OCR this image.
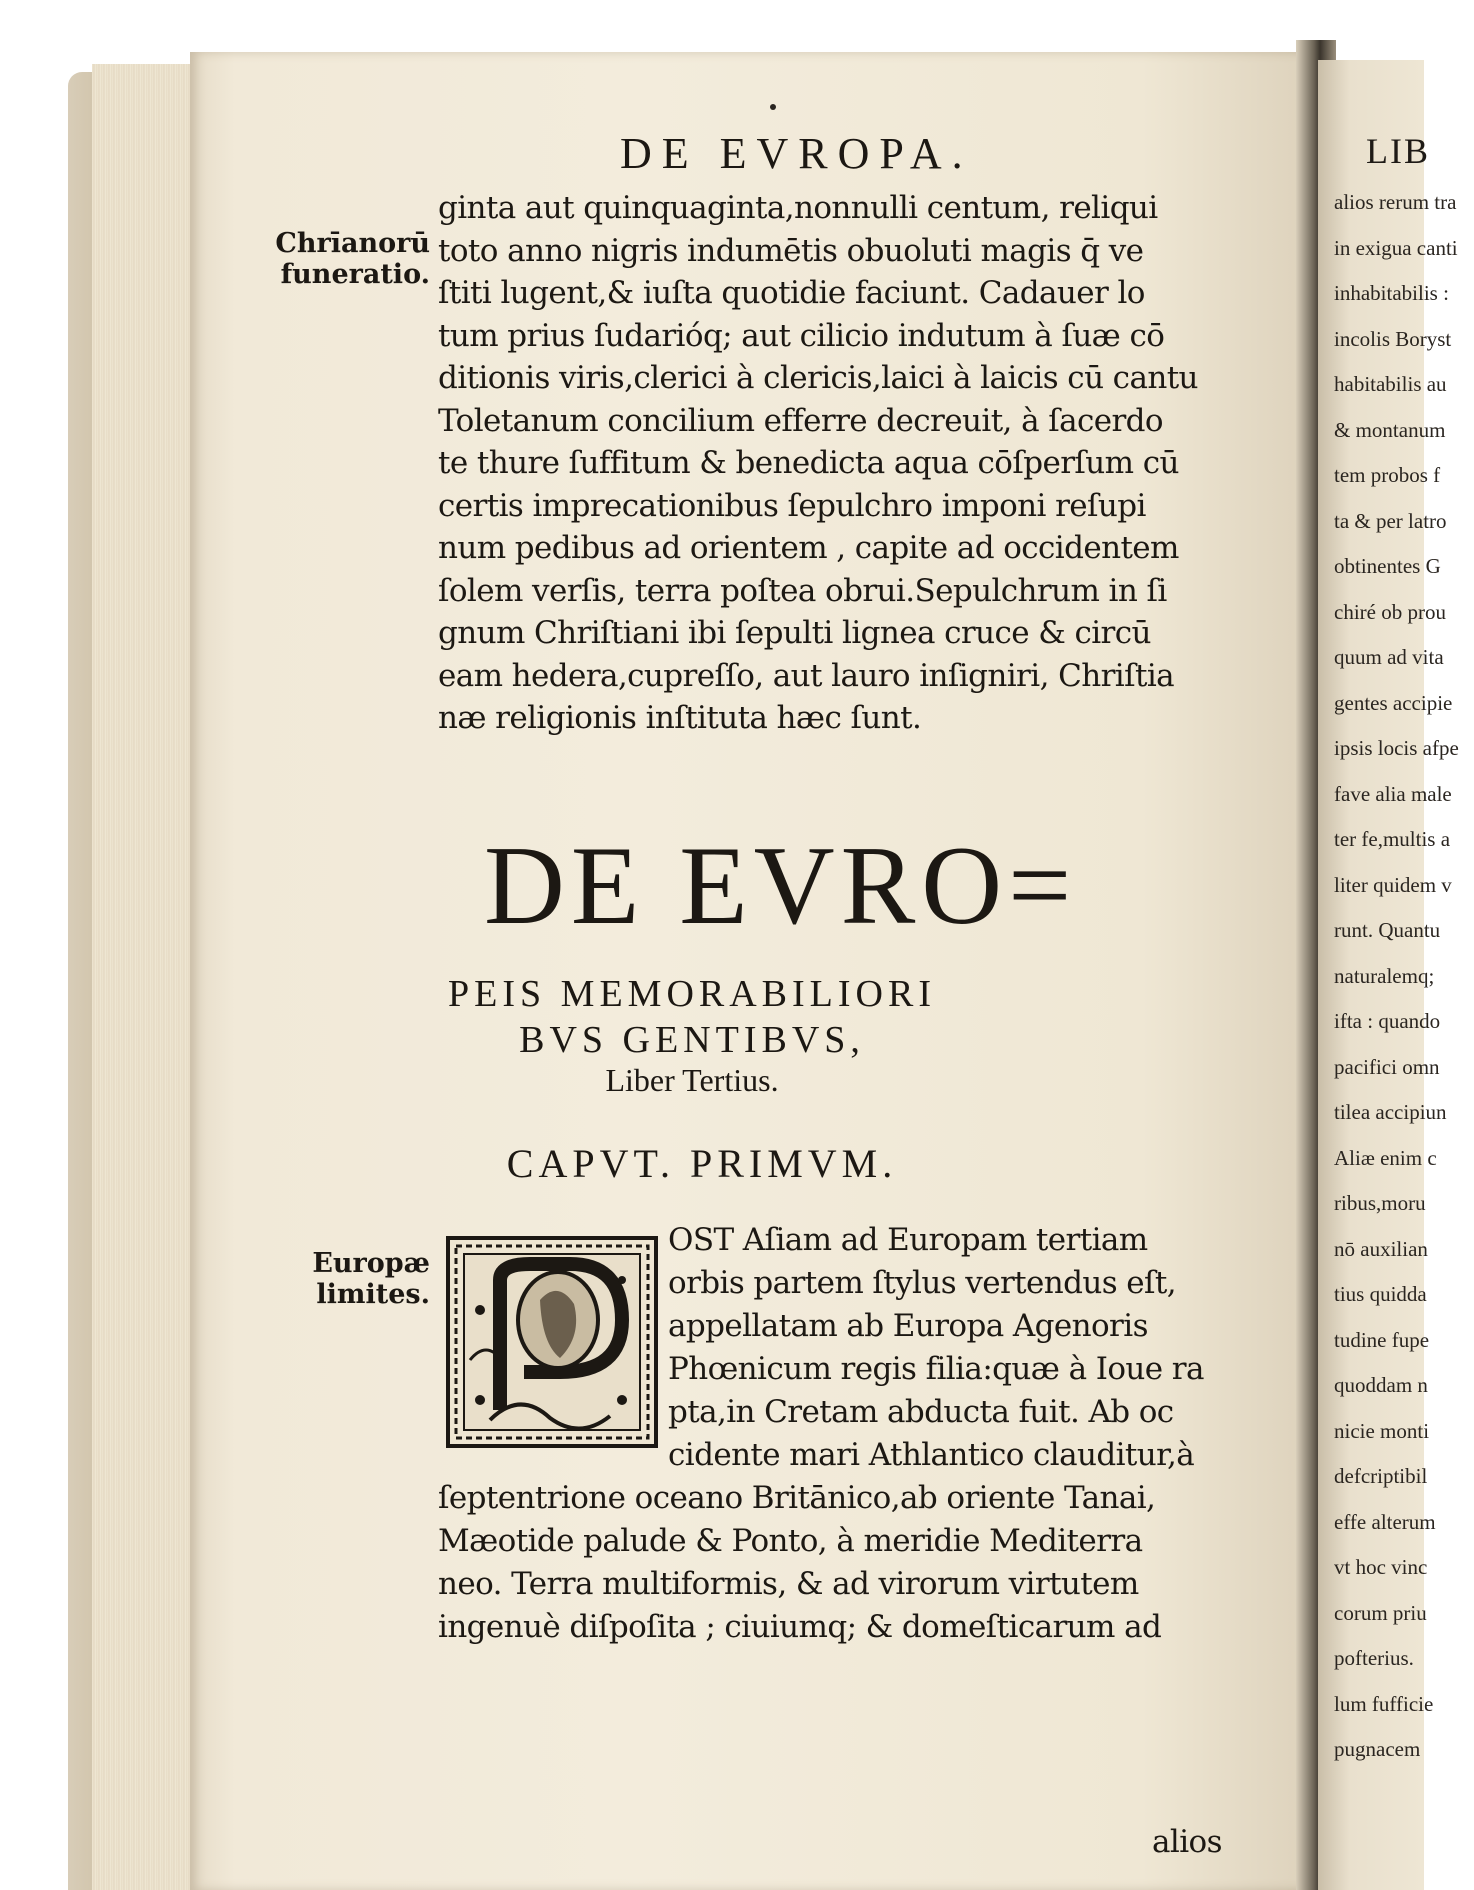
LIB
alios rerum tra
in exigua canti
inhabitabilis :
incolis Boryst
habitabilis au
& montanum
tem probos f
ta & per latro
obtinentes G
chiré ob prou
quum ad vita
gentes accipie
ipsis locis afpe
fave alia male
ter fe,multis a
liter quidem v
runt. Quantu
naturalemq;
ifta : quando
pacifici omn
tilea accipiun
Aliæ enim c
ribus,moru
nō auxilian
tius quidda
tudine fupe
quoddam n
nicie monti
defcriptibil
effe alterum
vt hoc vinc
corum priu
pofterius.
lum fufficie
pugnacem
DE EVROPA.
Chrīanorū
funeratio.
ginta aut quinquaginta,nonnulli centum, reliqui
toto anno nigris indumētis obuoluti magis q̄ ve
ſtiti lugent,& iuſta quotidie faciunt. Cadauer lo
tum prius ſudarióq; aut cilicio indutum à ſuæ cō
ditionis viris,clerici à clericis,laici à laicis cū cantu
Toletanum concilium efferre decreuit, à ſacerdo
te thure ſuffitum & benedicta aqua cōſperſum cū
certis imprecationibus ſepulchro imponi reſupi
num pedibus ad orientem , capite ad occidentem
ſolem verſis, terra poſtea obrui.Sepulchrum in ſi
gnum Chriſtiani ibi ſepulti lignea cruce & circū
eam hedera,cupreſſo, aut lauro inſigniri, Chriſtia
næ religionis inſtituta hæc ſunt.
DE EVRO=
PEIS MEMORABILIORI
BVS GENTIBVS,
Liber Tertius.
CAPVT. PRIMVM.
Europæ
limites.
OST Aſiam ad Europam tertiam
orbis partem ſtylus vertendus eſt,
appellatam ab Europa Agenoris
Phœnicum regis filia:quæ à Ioue ra
pta,in Cretam abducta fuit. Ab oc
cidente mari Athlantico clauditur,à
ſeptentrione oceano Britānico,ab oriente Tanai,
Mæotide palude & Ponto, à meridie Mediterra
neo. Terra multiformis, & ad virorum virtutem
ingenuè diſpoſita ; ciuiumq; & domeſticarum ad
alios
